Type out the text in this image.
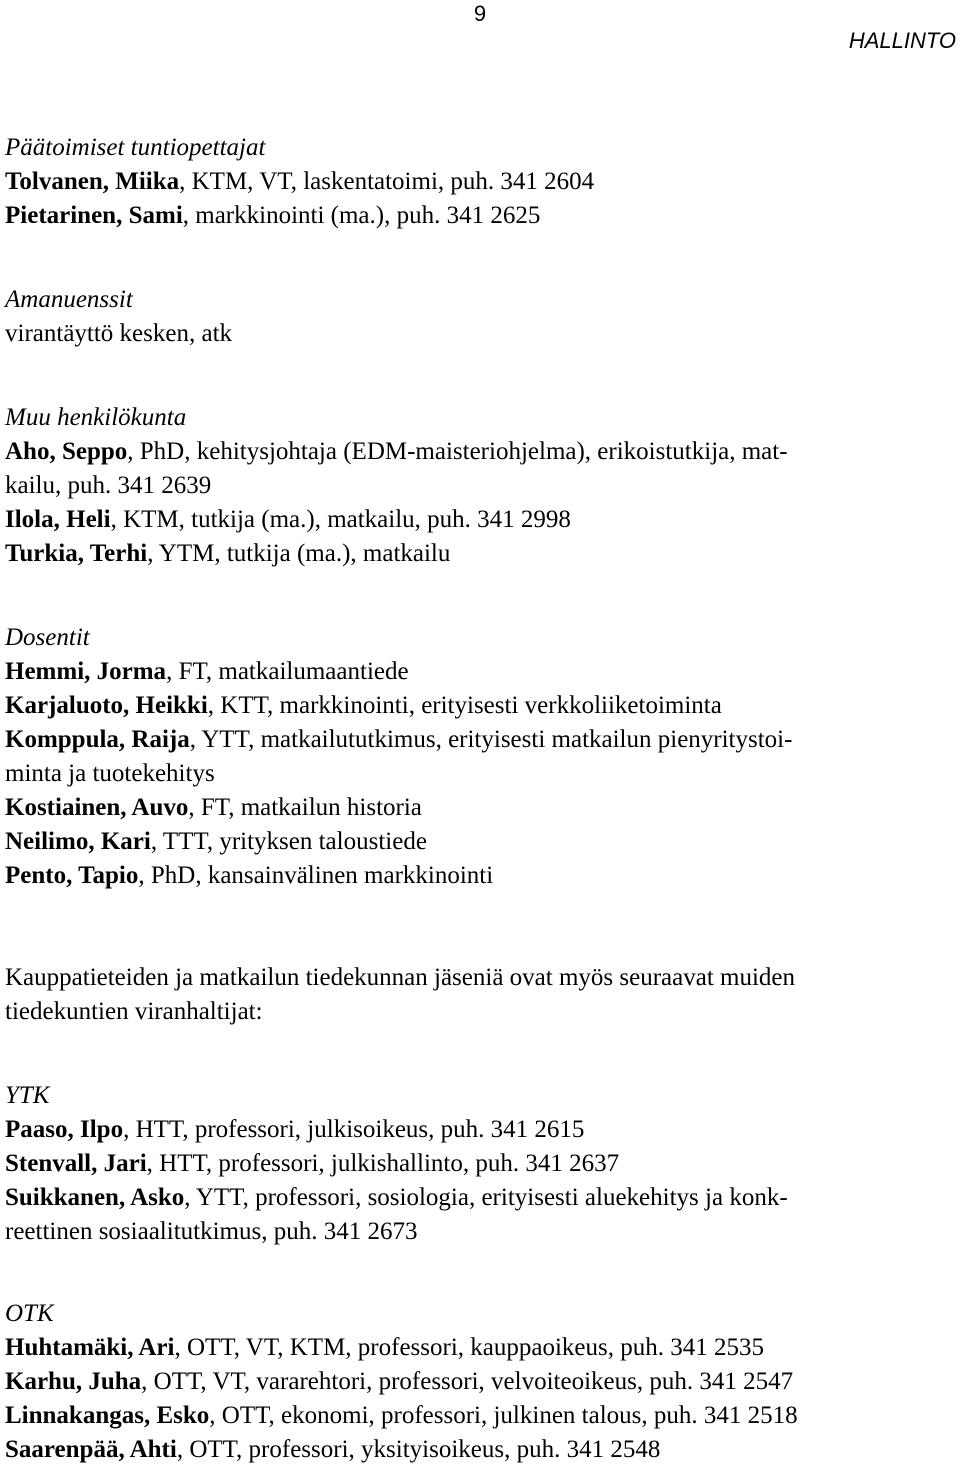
9
HALLINTO
Päätoimiset tuntiopettajat
Tolvanen, Miika, KTM, VT, laskentatoimi, puh. 341 2604
Pietarinen, Sami, markkinointi (ma.), puh. 341 2625
Amanuenssit
virantäyttö kesken, atk
Muu henkilökunta
Aho, Seppo, PhD, kehitysjohtaja (EDM-maisteriohjelma), erikoistutkija, mat-
kailu, puh. 341 2639
Ilola, Heli, KTM, tutkija (ma.), matkailu, puh. 341 2998
Turkia, Terhi, YTM, tutkija (ma.), matkailu
Dosentit
Hemmi, Jorma, FT, matkailumaantiede
Karjaluoto, Heikki, KTT, markkinointi, erityisesti verkkoliiketoiminta
Komppula, Raija, YTT, matkailututkimus, erityisesti matkailun pienyritystoi-
minta ja tuotekehitys
Kostiainen, Auvo, FT, matkailun historia
Neilimo, Kari, TTT, yrityksen taloustiede
Pento, Tapio, PhD, kansainvälinen markkinointi
Kauppatieteiden ja matkailun tiedekunnan jäseniä ovat myös seuraavat muiden
tiedekuntien viranhaltijat:
YTK
Paaso, Ilpo, HTT, professori, julkisoikeus, puh. 341 2615
Stenvall, Jari, HTT, professori, julkishallinto, puh. 341 2637
Suikkanen, Asko, YTT, professori, sosiologia, erityisesti aluekehitys ja konk-
reettinen sosiaalitutkimus, puh. 341 2673
OTK
Huhtamäki, Ari, OTT, VT, KTM, professori, kauppaoikeus, puh. 341 2535
Karhu, Juha, OTT, VT, vararehtori, professori, velvoiteoikeus, puh. 341 2547
Linnakangas, Esko, OTT, ekonomi, professori, julkinen talous, puh. 341 2518
Saarenpää, Ahti, OTT, professori, yksityisoikeus, puh. 341 2548
